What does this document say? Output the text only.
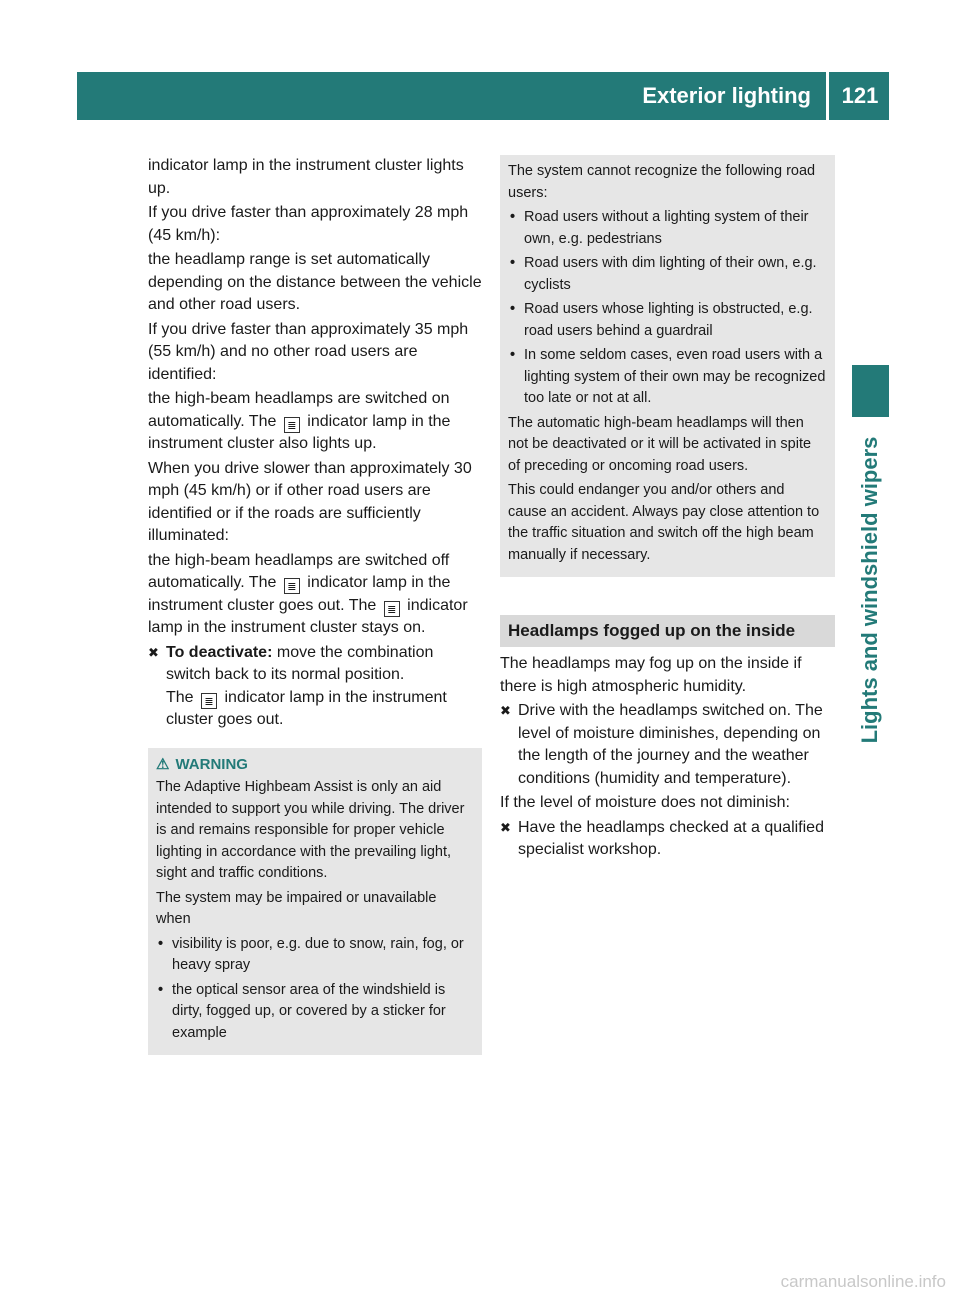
Exterior lighting	121
Lights and windshield wipers

indicator lamp in the instrument cluster lights up.

If you drive faster than approximately 28 mph (45 km/h):

the headlamp range is set automatically depending on the distance between the vehicle and other road users.

If you drive faster than approximately 35 mph (55 km/h) and no other road users are identified:

the high-beam headlamps are switched on automatically. The ≣ indicator lamp in the instrument cluster also lights up.

When you drive slower than approximately 30 mph (45 km/h) or if other road users are identified or if the roads are sufficiently illuminated:

the high-beam headlamps are switched off automatically. The ≣ indicator lamp in the instrument cluster goes out. The ≣ indicator lamp in the instrument cluster stays on.

✖ To deactivate: move the combination switch back to its normal position.
The ≣ indicator lamp in the instrument cluster goes out.
⚠ WARNING

The Adaptive Highbeam Assist is only an aid intended to support you while driving. The driver is and remains responsible for proper vehicle lighting in accordance with the prevailing light, sight and traffic conditions.

The system may be impaired or unavailable when

• visibility is poor, e.g. due to snow, rain, fog, or heavy spray
• the optical sensor area of the windshield is dirty, fogged up, or covered by a sticker for example

The system cannot recognize the following road users:

• Road users without a lighting system of their own, e.g. pedestrians
• Road users with dim lighting of their own, e.g. cyclists
• Road users whose lighting is obstructed, e.g. road users behind a guardrail
• In some seldom cases, even road users with a lighting system of their own may be recognized too late or not at all.

The automatic high-beam headlamps will then not be deactivated or it will be activated in spite of preceding or oncoming road users.

This could endanger you and/or others and cause an accident. Always pay close attention to the traffic situation and switch off the high beam manually if necessary.

Headlamps fogged up on the inside

The headlamps may fog up on the inside if there is high atmospheric humidity.

✖ Drive with the headlamps switched on. The level of moisture diminishes, depending on the length of the journey and the weather conditions (humidity and temperature).

If the level of moisture does not diminish:

✖ Have the headlamps checked at a qualified specialist workshop.
carmanualsonline.info
